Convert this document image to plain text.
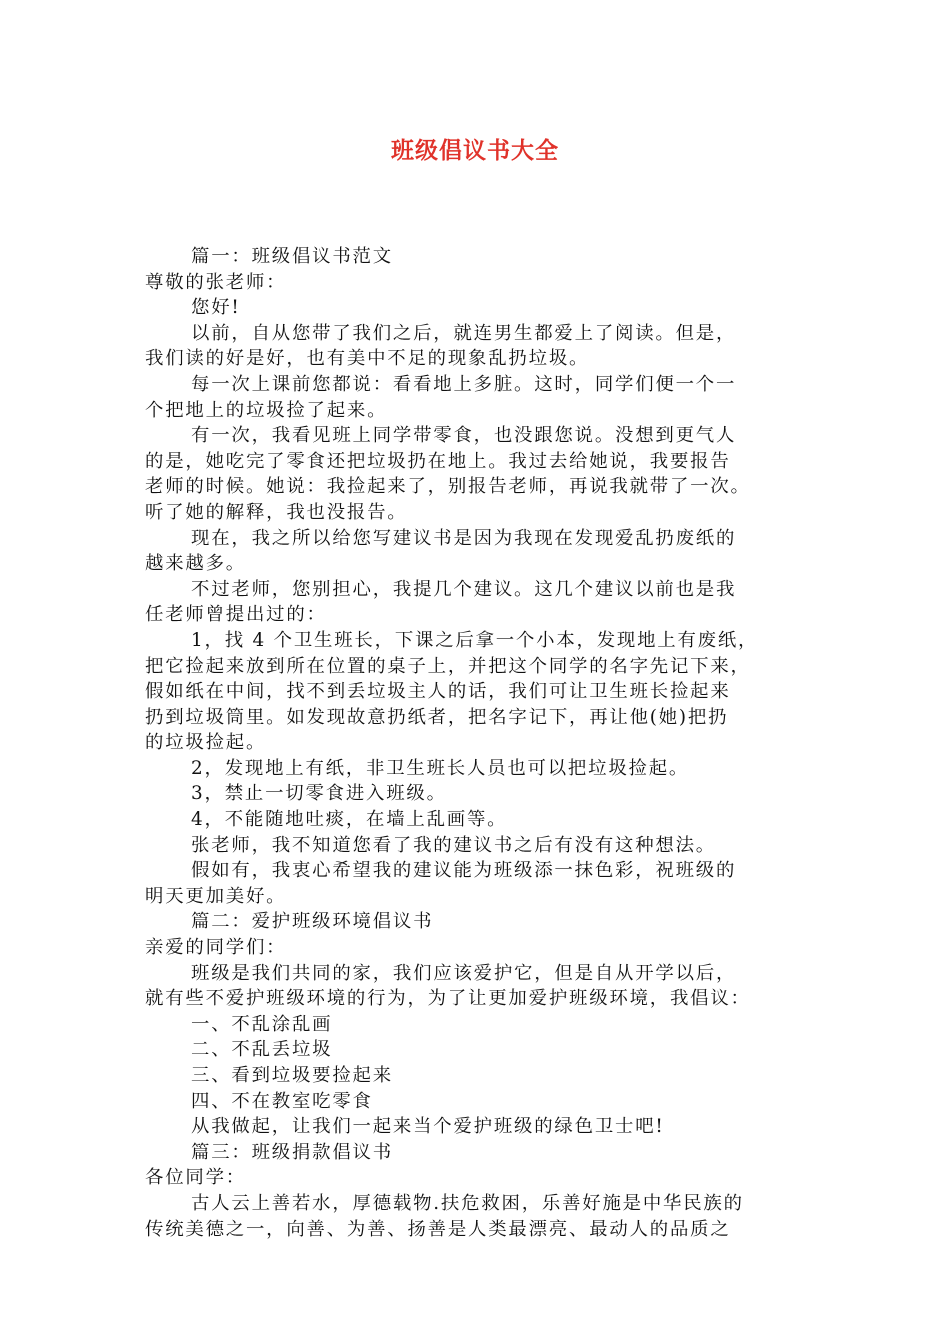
班级倡议书大全
篇一：班级倡议书范文
尊敬的张老师：
您好!
以前，自从您带了我们之后，就连男生都爱上了阅读。但是，
我们读的好是好，也有美中不足的现象乱扔垃圾。
每一次上课前您都说：看看地上多脏。这时，同学们便一个一
个把地上的垃圾捡了起来。
有一次，我看见班上同学带零食，也没跟您说。没想到更气人
的是，她吃完了零食还把垃圾扔在地上。我过去给她说，我要报告
老师的时候。她说：我捡起来了，别报告老师，再说我就带了一次。
听了她的解释，我也没报告。
现在，我之所以给您写建议书是因为我现在发现爱乱扔废纸的
越来越多。
不过老师，您别担心，我提几个建议。这几个建议以前也是我
任老师曾提出过的：
1，找 4 个卫生班长，下课之后拿一个小本，发现地上有废纸，
把它捡起来放到所在位置的桌子上，并把这个同学的名字先记下来，
假如纸在中间，找不到丢垃圾主人的话，我们可让卫生班长捡起来
扔到垃圾筒里。如发现故意扔纸者，把名字记下，再让他(她)把扔
的垃圾捡起。
2，发现地上有纸，非卫生班长人员也可以把垃圾捡起。
3，禁止一切零食进入班级。
4，不能随地吐痰，在墙上乱画等。
张老师，我不知道您看了我的建议书之后有没有这种想法。
假如有，我衷心希望我的建议能为班级添一抹色彩，祝班级的
明天更加美好。
篇二：爱护班级环境倡议书
亲爱的同学们：
班级是我们共同的家，我们应该爱护它，但是自从开学以后，
就有些不爱护班级环境的行为，为了让更加爱护班级环境，我倡议：
一、不乱涂乱画
二、不乱丢垃圾
三、看到垃圾要捡起来
四、不在教室吃零食
从我做起，让我们一起来当个爱护班级的绿色卫士吧!
篇三：班级捐款倡议书
各位同学：
古人云上善若水，厚德载物.扶危救困，乐善好施是中华民族的
传统美德之一，向善、为善、扬善是人类最漂亮、最动人的品质之
